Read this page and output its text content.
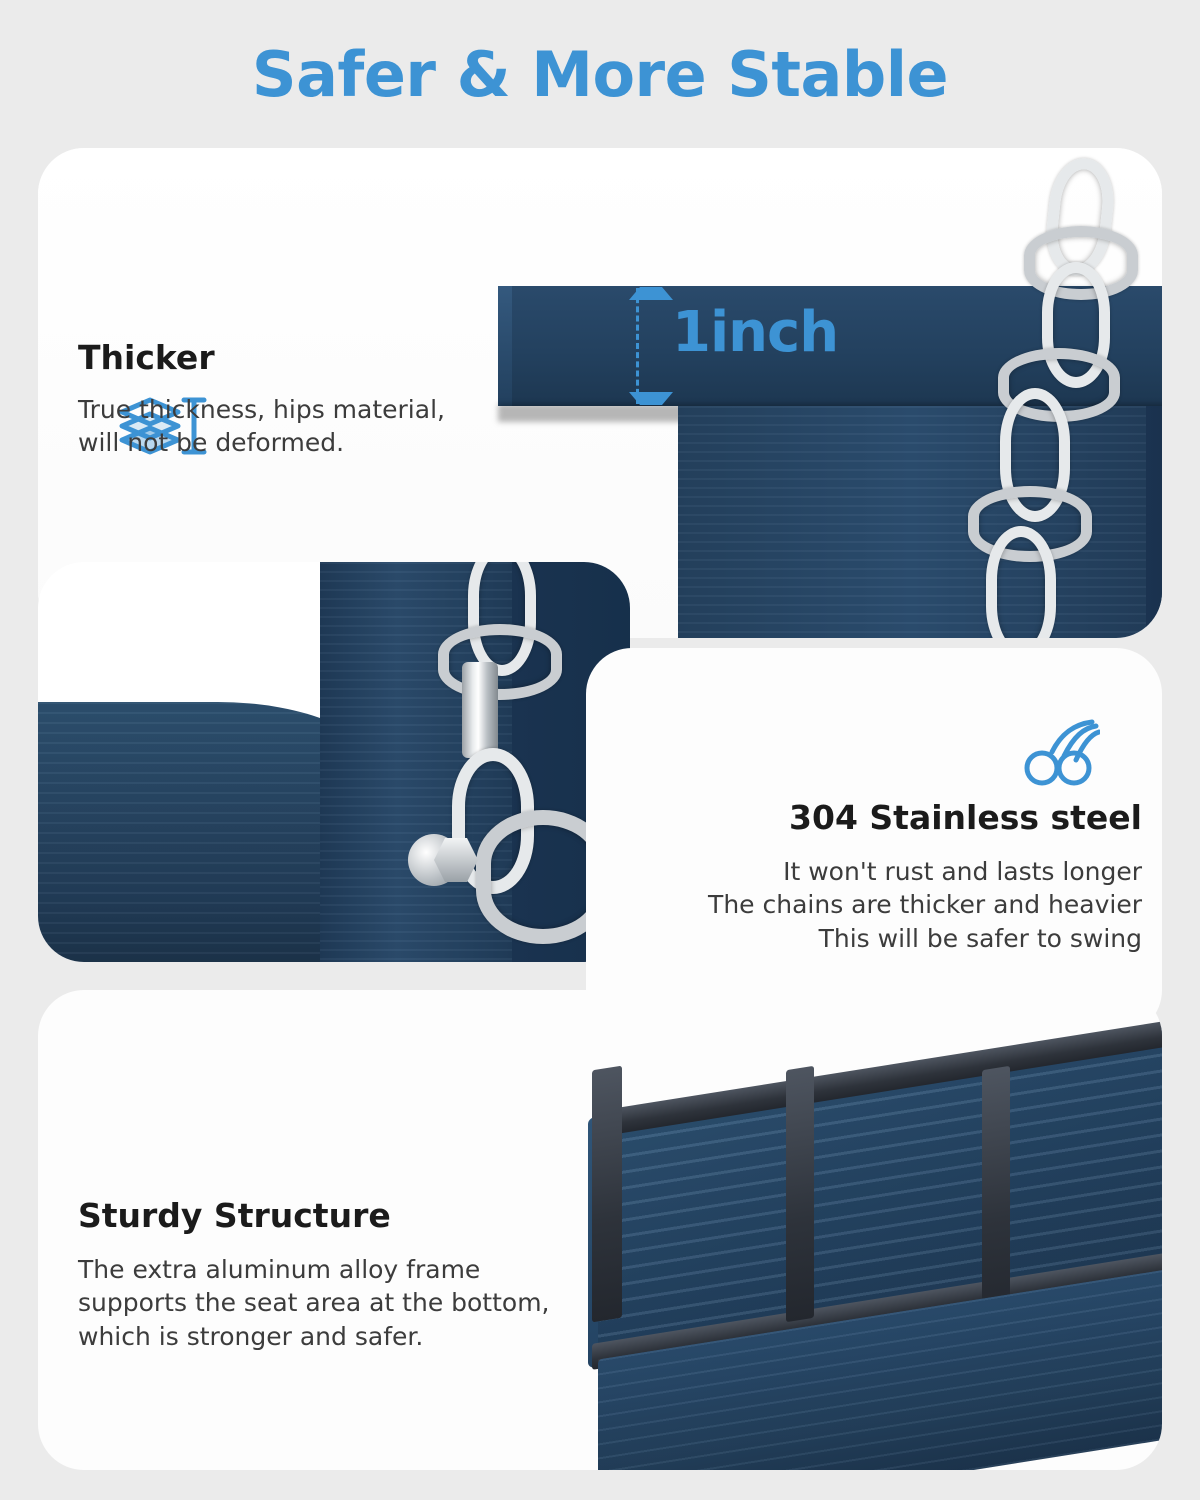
Safer & More Stable
1inch
Thicker
True thickness, hips material, will not be deformed.
304 Stainless steel
It won't rust and lasts longer
The chains are thicker and heavier
This will be safer to swing
Sturdy Structure
The extra aluminum alloy frame supports the seat area at the bottom, which is stronger and safer.
